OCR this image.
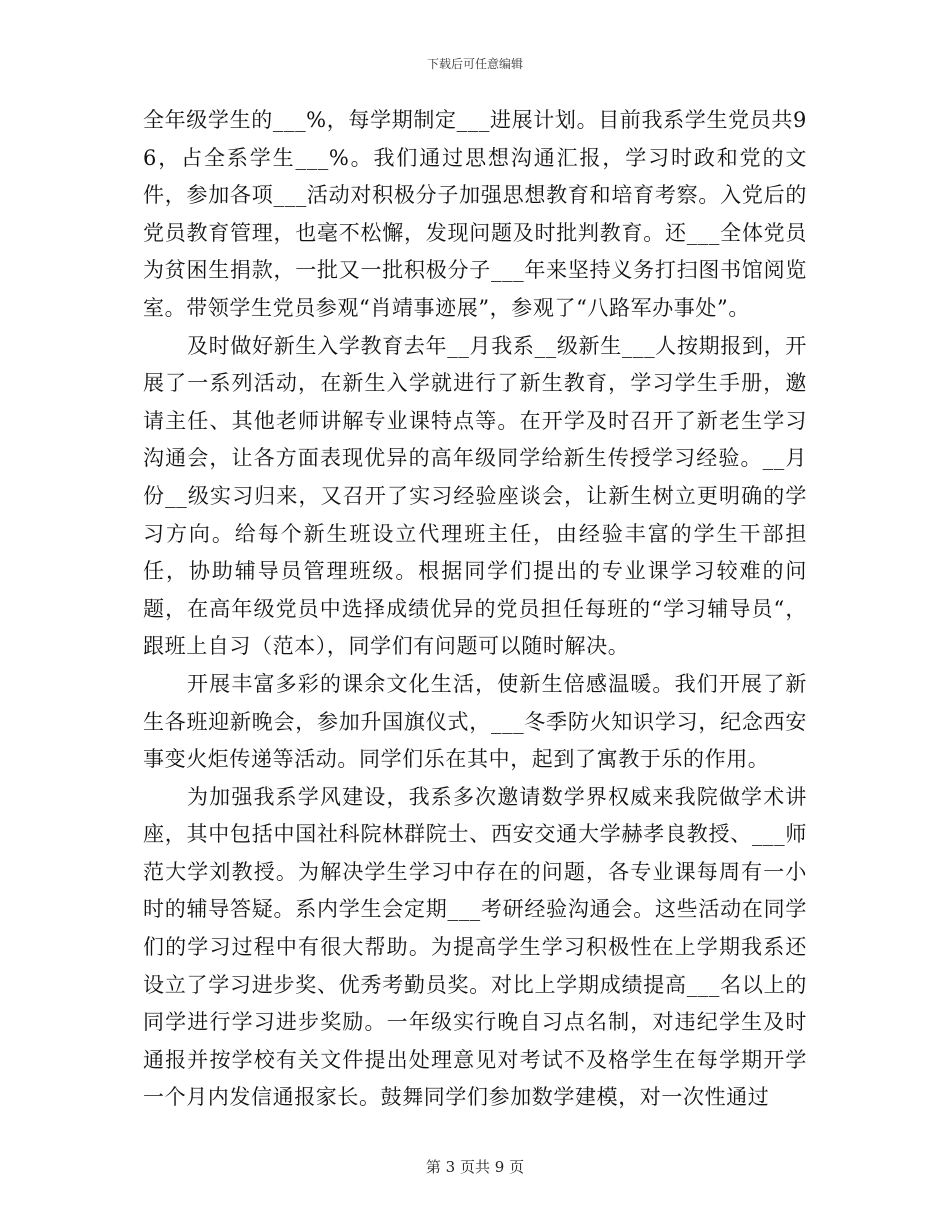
下载后可任意编辑

全年级学生的___%，每学期制定___进展计划。目前我系学生党员共96，占全系学生___%。我们通过思想沟通汇报，学习时政和党的文件，参加各项___活动对积极分子加强思想教育和培育考察。入党后的党员教育管理，也毫不松懈，发现问题及时批判教育。还___全体党员为贫困生捐款，一批又一批积极分子___年来坚持义务打扫图书馆阅览室。带领学生党员参观“肖靖事迹展”，参观了“八路军办事处”。

及时做好新生入学教育去年__月我系__级新生___人按期报到，开展了一系列活动，在新生入学就进行了新生教育，学习学生手册，邀请主任、其他老师讲解专业课特点等。在开学及时召开了新老生学习沟通会，让各方面表现优异的高年级同学给新生传授学习经验。__月份__级实习归来，又召开了实习经验座谈会，让新生树立更明确的学习方向。给每个新生班设立代理班主任，由经验丰富的学生干部担任，协助辅导员管理班级。根据同学们提出的专业课学习较难的问题，在高年级党员中选择成绩优异的党员担任每班的“学习辅导员“，跟班上自习（范本），同学们有问题可以随时解决。

开展丰富多彩的课余文化生活，使新生倍感温暖。我们开展了新生各班迎新晚会，参加升国旗仪式，___冬季防火知识学习，纪念西安事变火炬传递等活动。同学们乐在其中，起到了寓教于乐的作用。

为加强我系学风建设，我系多次邀请数学界权威来我院做学术讲座，其中包括中国社科院林群院士、西安交通大学赫孝良教授、___师范大学刘教授。为解决学生学习中存在的问题，各专业课每周有一小时的辅导答疑。系内学生会定期___考研经验沟通会。这些活动在同学们的学习过程中有很大帮助。为提高学生学习积极性在上学期我系还设立了学习进步奖、优秀考勤员奖。对比上学期成绩提高___名以上的同学进行学习进步奖励。一年级实行晚自习点名制，对违纪学生及时通报并按学校有关文件提出处理意见对考试不及格学生在每学期开学一个月内发信通报家长。鼓舞同学们参加数学建模，对一次性通过

第 3 页共 9 页
